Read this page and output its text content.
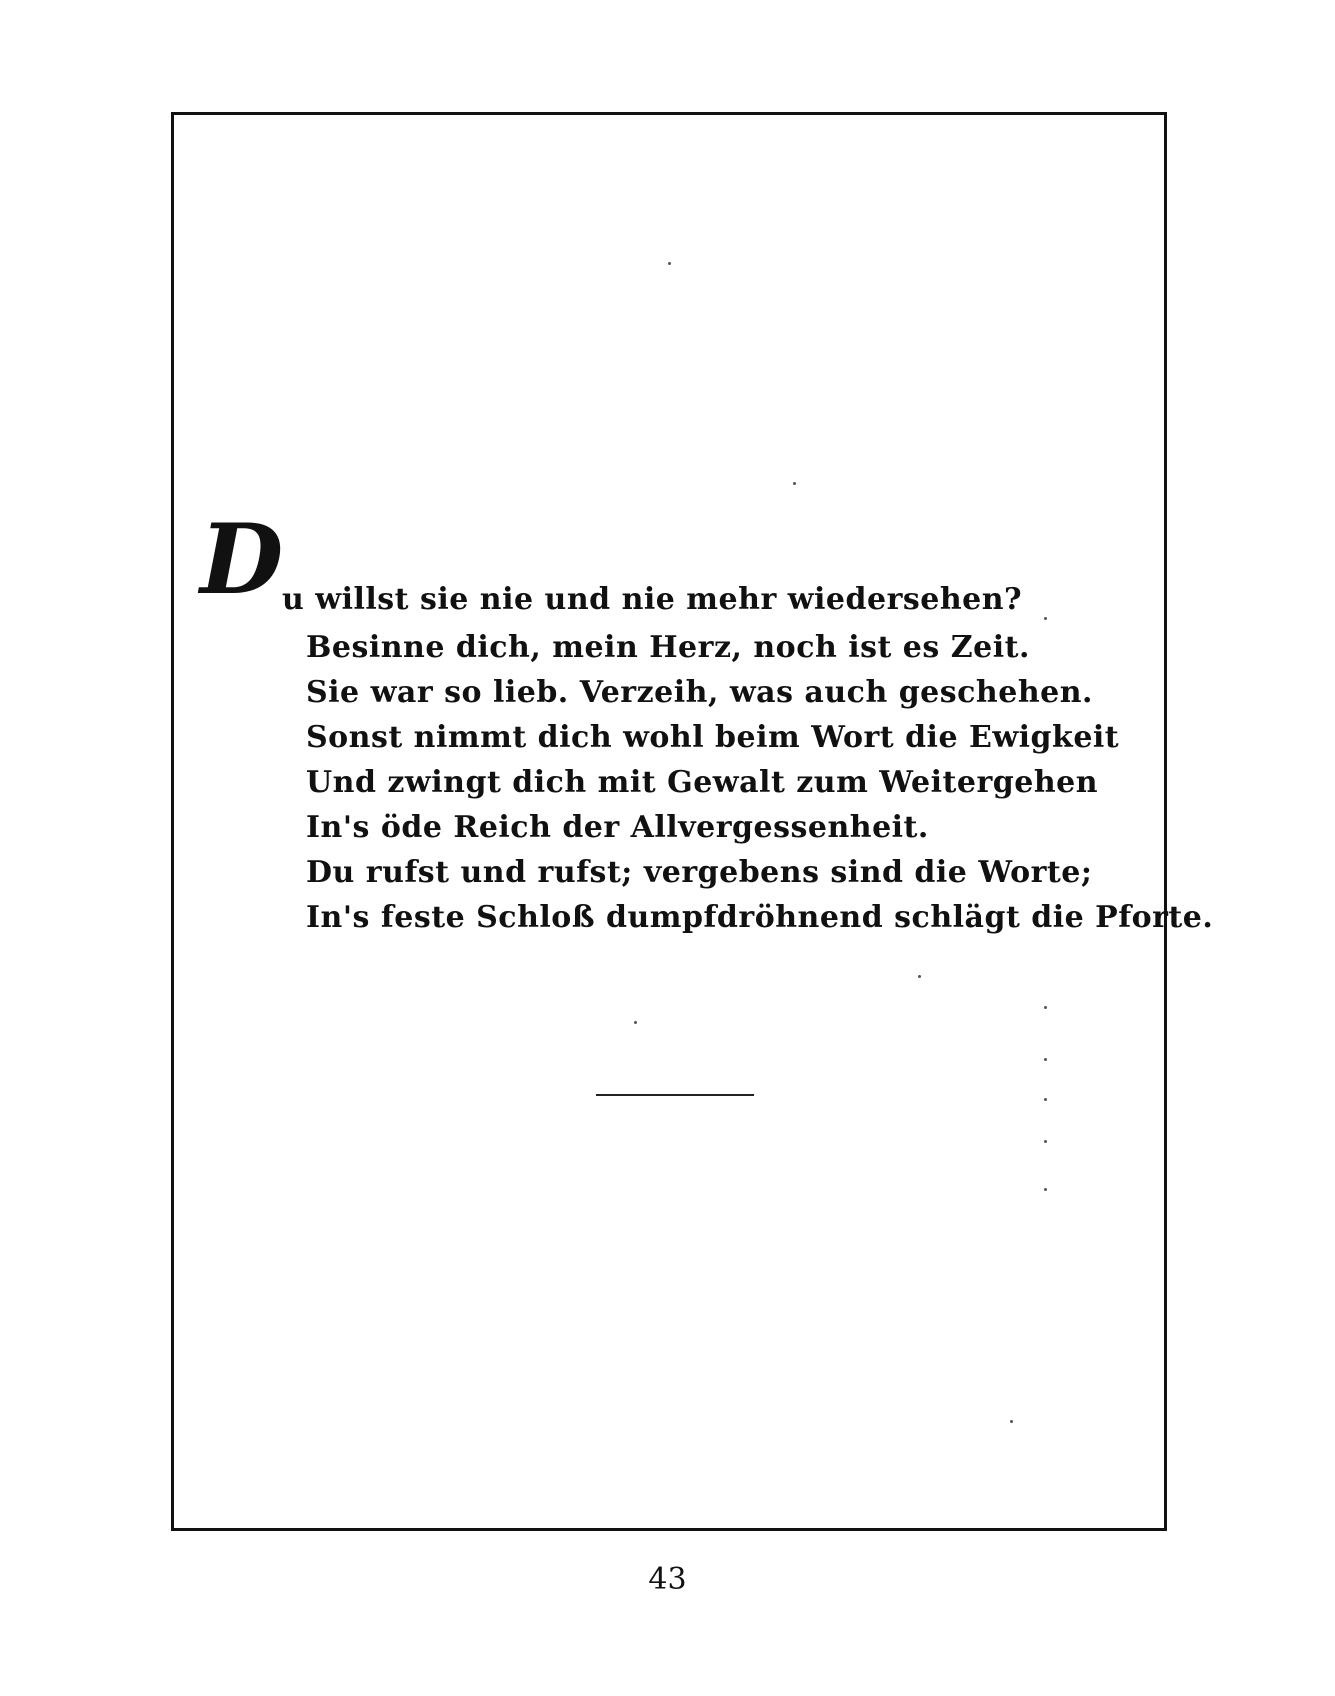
D
u willst sie nie und nie mehr wiedersehen?
Besinne dich, mein Herz, noch ist es Zeit.
Sie war so lieb. Verzeih, was auch geschehen.
Sonst nimmt dich wohl beim Wort die Ewigkeit
Und zwingt dich mit Gewalt zum Weitergehen
In's öde Reich der Allvergessenheit.
Du rufst und rufst; vergebens sind die Worte;
In's feste Schloß dumpfdröhnend schlägt die Pforte.
43
